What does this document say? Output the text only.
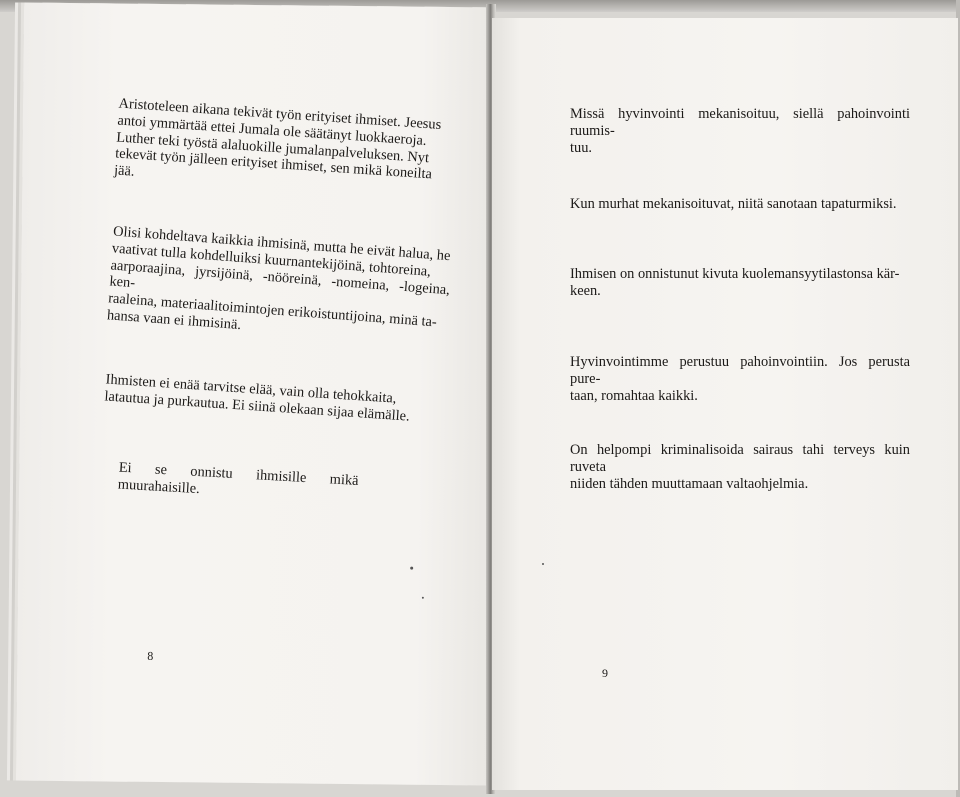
Aristoteleen aikana tekivät työn erityiset ihmiset. Jeesus
antoi ymmärtää ettei Jumala ole säätänyt luokkaeroja.
Luther teki työstä alaluokille jumalanpalveluksen. Nyt
tekevät työn jälleen erityiset ihmiset, sen mikä koneilta
jää.
Olisi kohdeltava kaikkia ihmisinä, mutta he eivät halua, he
vaativat tulla kohdelluiksi kuurnantekijöinä, tohtoreina,
aarporaajina, jyrsijöinä, -nööreinä, -nomeina, -logeina, ken-
raaleina, materiaalitoimintojen erikoistuntijoina, minä ta-
hansa vaan ei ihmisinä.
Ihmisten ei enää tarvitse elää, vain olla tehokkaita,
latautua ja purkautua. Ei siinä olekaan sijaa elämälle.
Ei se onnistu ihmisille mikä muurahaisille.
8
Missä hyvinvointi mekanisoituu, siellä pahoinvointi ruumis-
tuu.
Kun murhat mekanisoituvat, niitä sanotaan tapaturmiksi.
Ihmisen on onnistunut kivuta kuolemansyytilastonsa kär-
keen.
Hyvinvointimme perustuu pahoinvointiin. Jos perusta pure-
taan, romahtaa kaikki.
On helpompi kriminalisoida sairaus tahi terveys kuin ruveta
niiden tähden muuttamaan valtaohjelmia.
9
